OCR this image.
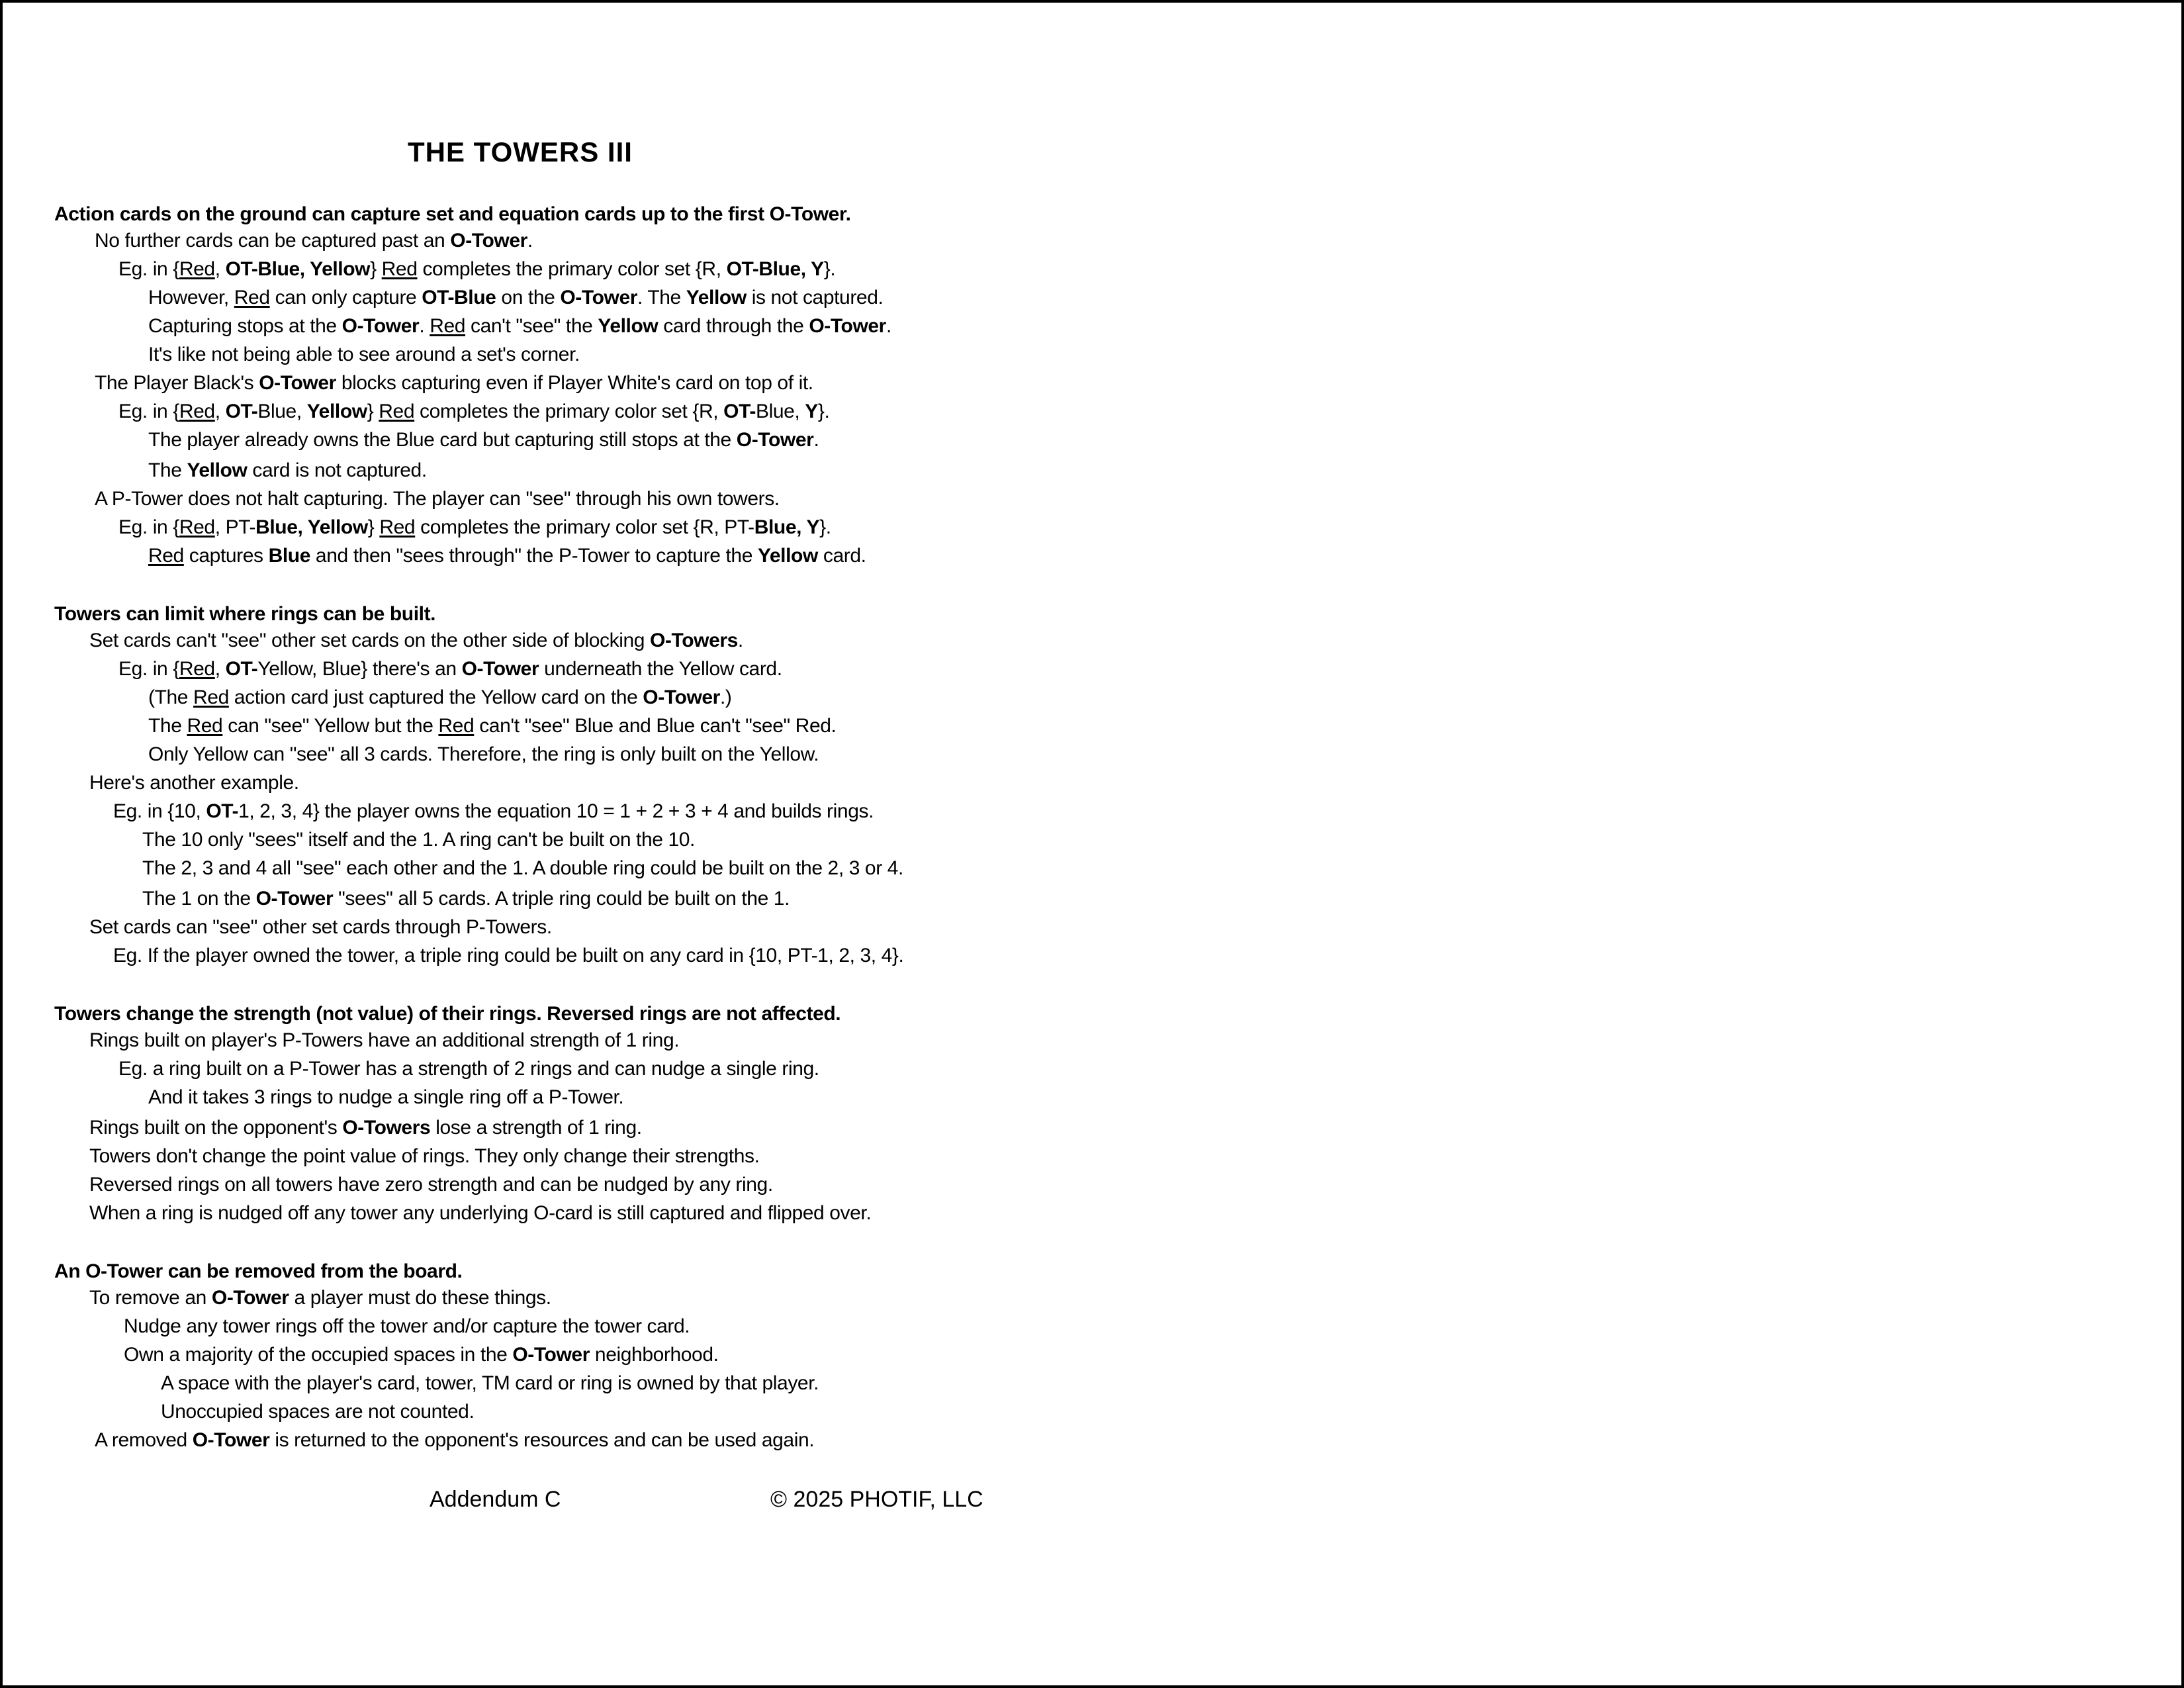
THE TOWERS III
Action cards on the ground can capture set and equation cards up to the first O-Tower.
No further cards can be captured past an O-Tower.
Eg. in {Red, OT-Blue, Yellow} Red completes the primary color set {R, OT-Blue, Y}.
However, Red can only capture OT-Blue on the O-Tower. The Yellow is not captured.
Capturing stops at the O-Tower. Red can't "see" the Yellow card through the O-Tower.
It's like not being able to see around a set's corner.
The Player Black's O-Tower blocks capturing even if Player White's card on top of it.
Eg. in {Red, OT-Blue, Yellow} Red completes the primary color set {R, OT-Blue, Y}.
The player already owns the Blue card but capturing still stops at the O-Tower.
The Yellow card is not captured.
A P-Tower does not halt capturing. The player can "see" through his own towers.
Eg. in {Red, PT-Blue, Yellow} Red completes the primary color set {R, PT-Blue, Y}.
Red captures Blue and then "sees through" the P-Tower to capture the Yellow card.
Towers can limit where rings can be built.
Set cards can't "see" other set cards on the other side of blocking O-Towers.
Eg. in {Red, OT-Yellow, Blue} there's an O-Tower underneath the Yellow card.
(The Red action card just captured the Yellow card on the O-Tower.)
The Red can "see" Yellow but the Red can't "see" Blue and Blue can't "see" Red.
Only Yellow can "see" all 3 cards. Therefore, the ring is only built on the Yellow.
Here's another example.
Eg. in {10, OT-1, 2, 3, 4} the player owns the equation 10 = 1 + 2 + 3 + 4 and builds rings.
The 10 only "sees" itself and the 1. A ring can't be built on the 10.
The 2, 3 and 4 all "see" each other and the 1. A double ring could be built on the 2, 3 or 4.
The 1 on the O-Tower "sees" all 5 cards. A triple ring could be built on the 1.
Set cards can "see" other set cards through P-Towers.
Eg. If the player owned the tower, a triple ring could be built on any card in {10, PT-1, 2, 3, 4}.
Towers change the strength (not value) of their rings. Reversed rings are not affected.
Rings built on player's P-Towers have an additional strength of 1 ring.
Eg. a ring built on a P-Tower has a strength of 2 rings and can nudge a single ring.
And it takes 3 rings to nudge a single ring off a P-Tower.
Rings built on the opponent's O-Towers lose a strength of 1 ring.
Towers don't change the point value of rings. They only change their strengths.
Reversed rings on all towers have zero strength and can be nudged by any ring.
When a ring is nudged off any tower any underlying O-card is still captured and flipped over.
An O-Tower can be removed from the board.
To remove an O-Tower a player must do these things.
Nudge any tower rings off the tower and/or capture the tower card.
Own a majority of the occupied spaces in the O-Tower neighborhood.
A space with the player's card, tower, TM card or ring is owned by that player.
Unoccupied spaces are not counted.
A removed O-Tower is returned to the opponent's resources and can be used again.
Addendum C	© 2025 PHOTIF, LLC
